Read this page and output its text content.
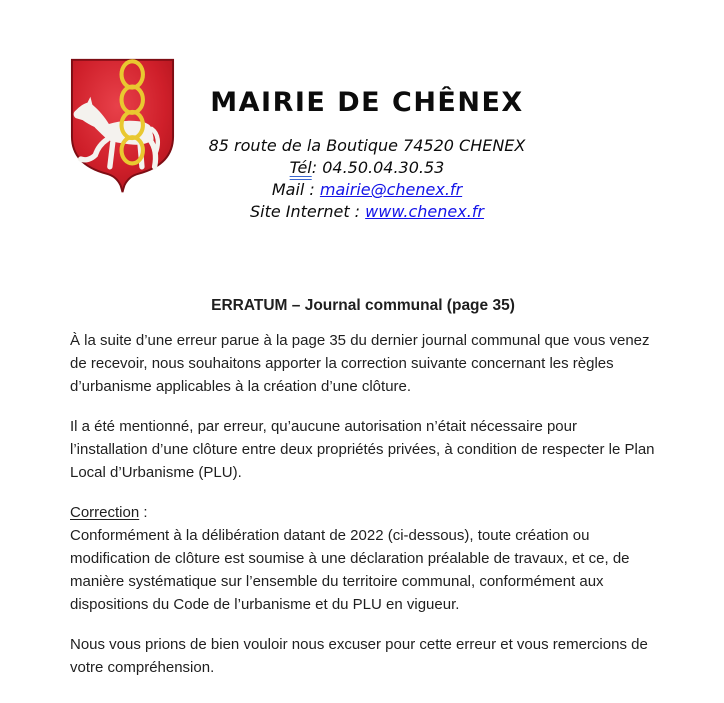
MAIRIE DE CHÊNEX
85 route de la Boutique 74520 CHENEX
Tél: 04.50.04.30.53
Mail : mairie@chenex.fr
Site Internet : www.chenex.fr
ERRATUM – Journal communal (page 35)

À la suite d’une erreur parue à la page 35 du dernier journal communal que vous venez de recevoir, nous souhaitons apporter la correction suivante concernant les règles d’urbanisme applicables à la création d’une clôture.

Il a été mentionné, par erreur, qu’aucune autorisation n’était nécessaire pour l’installation d’une clôture entre deux propriétés privées, à condition de respecter le Plan Local d’Urbanisme (PLU).

Correction :
Conformément à la délibération datant de 2022 (ci-dessous), toute création ou modification de clôture est soumise à une déclaration préalable de travaux, et ce, de manière systématique sur l’ensemble du territoire communal, conformément aux dispositions du Code de l’urbanisme et du PLU en vigueur.

Nous vous prions de bien vouloir nous excuser pour cette erreur et vous remercions de votre compréhension.
